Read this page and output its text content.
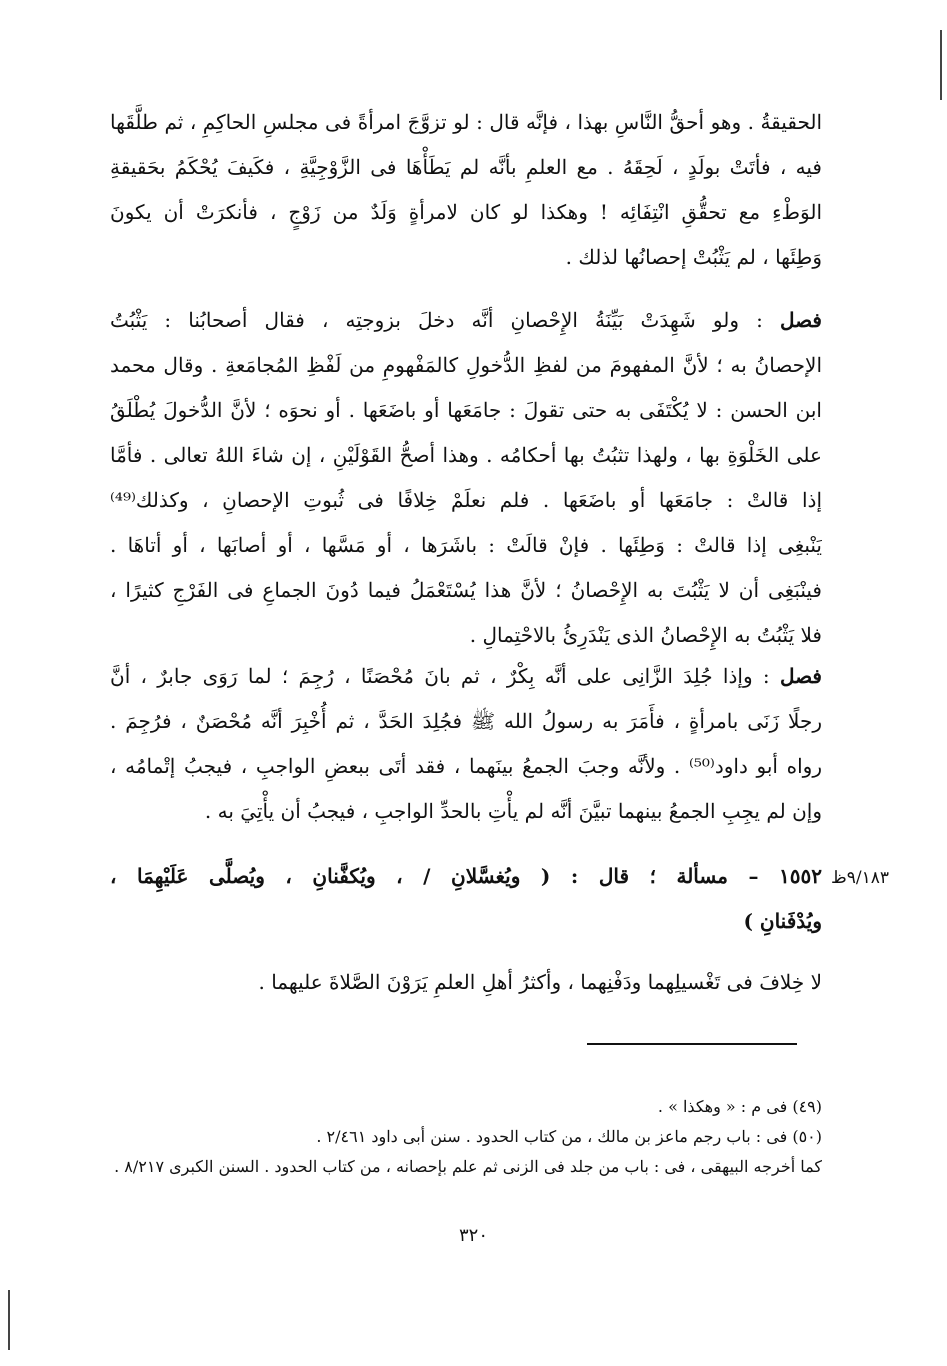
الحقيقةُ . وهو أحقُّ النَّاسِ بهذا ، فإنَّه قال : لو تزوَّجَ امرأةً فى مجلسِ الحاكِمِ ، ثم طلَّقَها
فيه ، فأتَتْ بولَدٍ ، لَحِقَهُ . مع العلمِ بأنَّه لم يَطَأْهَا فى الزَّوْجِيَّةِ ، فكَيفَ يُحْكَمُ بحَقيقةِ
الوَطْءِ مع تحقُّقِ انْتِفَائِه ! وهكذا لو كان لامرأةٍ وَلَدٌ من زَوْجٍ ، فأنكرَتْ أن يكونَ
وَطِئَها ، لم يَثْبُتْ إحصانُها لذلك .
فصل : ولو شَهِدَتْ بَيِّنَةُ الإِحْصانِ أنَّه دخلَ بزوجتِه ، فقال أصحابُنا : يَثْبُتُ
الإحصانُ به ؛ لأنَّ المفهومَ من لفظِ الدُّخولِ كالمَفْهومِ من لَفْظِ المُجامَعةِ . وقال محمد
ابن الحسن : لا يُكْتَفَى به حتى تقولَ : جامَعَها أو باضَعَها . أو نحوَه ؛ لأنَّ الدُّخولَ يُطْلَقُ
على الخَلْوَةِ بها ، ولهذا تثبُتُ بها أحكامُه . وهذا أصحُّ القَوْلَيْنِ ، إن شاءَ اللهُ تعالى . فأمَّا
إذا قالتْ : جامَعَها أو باضَعَها . فلم نعلَمْ خِلافًا فى ثُبوتِ الإحصانِ ، وكذلك⁽⁴⁹⁾
يَنْبغِى إذا قالتْ : وَطِئَها . فإنْ قالَتْ : باشَرَها ، أو مَسَّها ، أو أصابَها ، أو أتاهَا .
فينْبَغِى أن لا يَثْبُتَ به الإِحْصانُ ؛ لأنَّ هذا يُسْتَعْمَلُ فيما دُونَ الجماعِ فى الفَرْجِ كثيرًا ،
فلا يَثْبُتُ به الإِحْصانُ الذى يَنْدَرِئُ بالاحْتِمالِ .
فصل : وإذا جُلِدَ الزَّانِى على أنَّه بِكْرٌ ، ثم بانَ مُحْصَنًا ، رُجِمَ ؛ لما رَوَى جابرٌ ، أنَّ
رجلًا زَنَى بامرأةٍ ، فأَمَرَ به رسولُ الله ﷺ فجُلِدَ الحَدَّ ، ثم أُخْبِرَ أنَّه مُحْصَنٌ ، فرُجِمَ .
رواه أبو داود⁽⁵⁰⁾ . ولأنَّه وجبَ الجمعُ بينَهما ، فقد أتَى ببعضِ الواجبِ ، فيجبُ إتْمامُه ،
وإن لم يجِبِ الجمعُ بينهما تبيَّنَ أنَّه لم يأْتِ بالحدِّ الواجبِ ، فيجبُ أن يأْتِيَ به .
٩/١٨٣ظ
١٥٥٢ – مسألة ؛ قال : ( ويُغسَّلانِ / ، ويُكفَّنانِ ، ويُصلَّى عَلَيْهِمَا ،
ويُدْفَنانِ )
لا خِلافَ فى تَغْسيلِهما ودَفْنِهما ، وأكثرُ أهلِ العلمِ يَرَوْنَ الصَّلاةَ عليهما .
(٤٩) فى م : « وهكذا » .
(٥٠) فى : باب رجم ماعز بن مالك ، من كتاب الحدود . سنن أبى داود ٢/٤٦١ .
كما أخرجه البيهقى ، فى : باب من جلد فى الزنى ثم علم بإحصانه ، من كتاب الحدود . السنن الكبرى ٨/٢١٧ .
٣٢٠
